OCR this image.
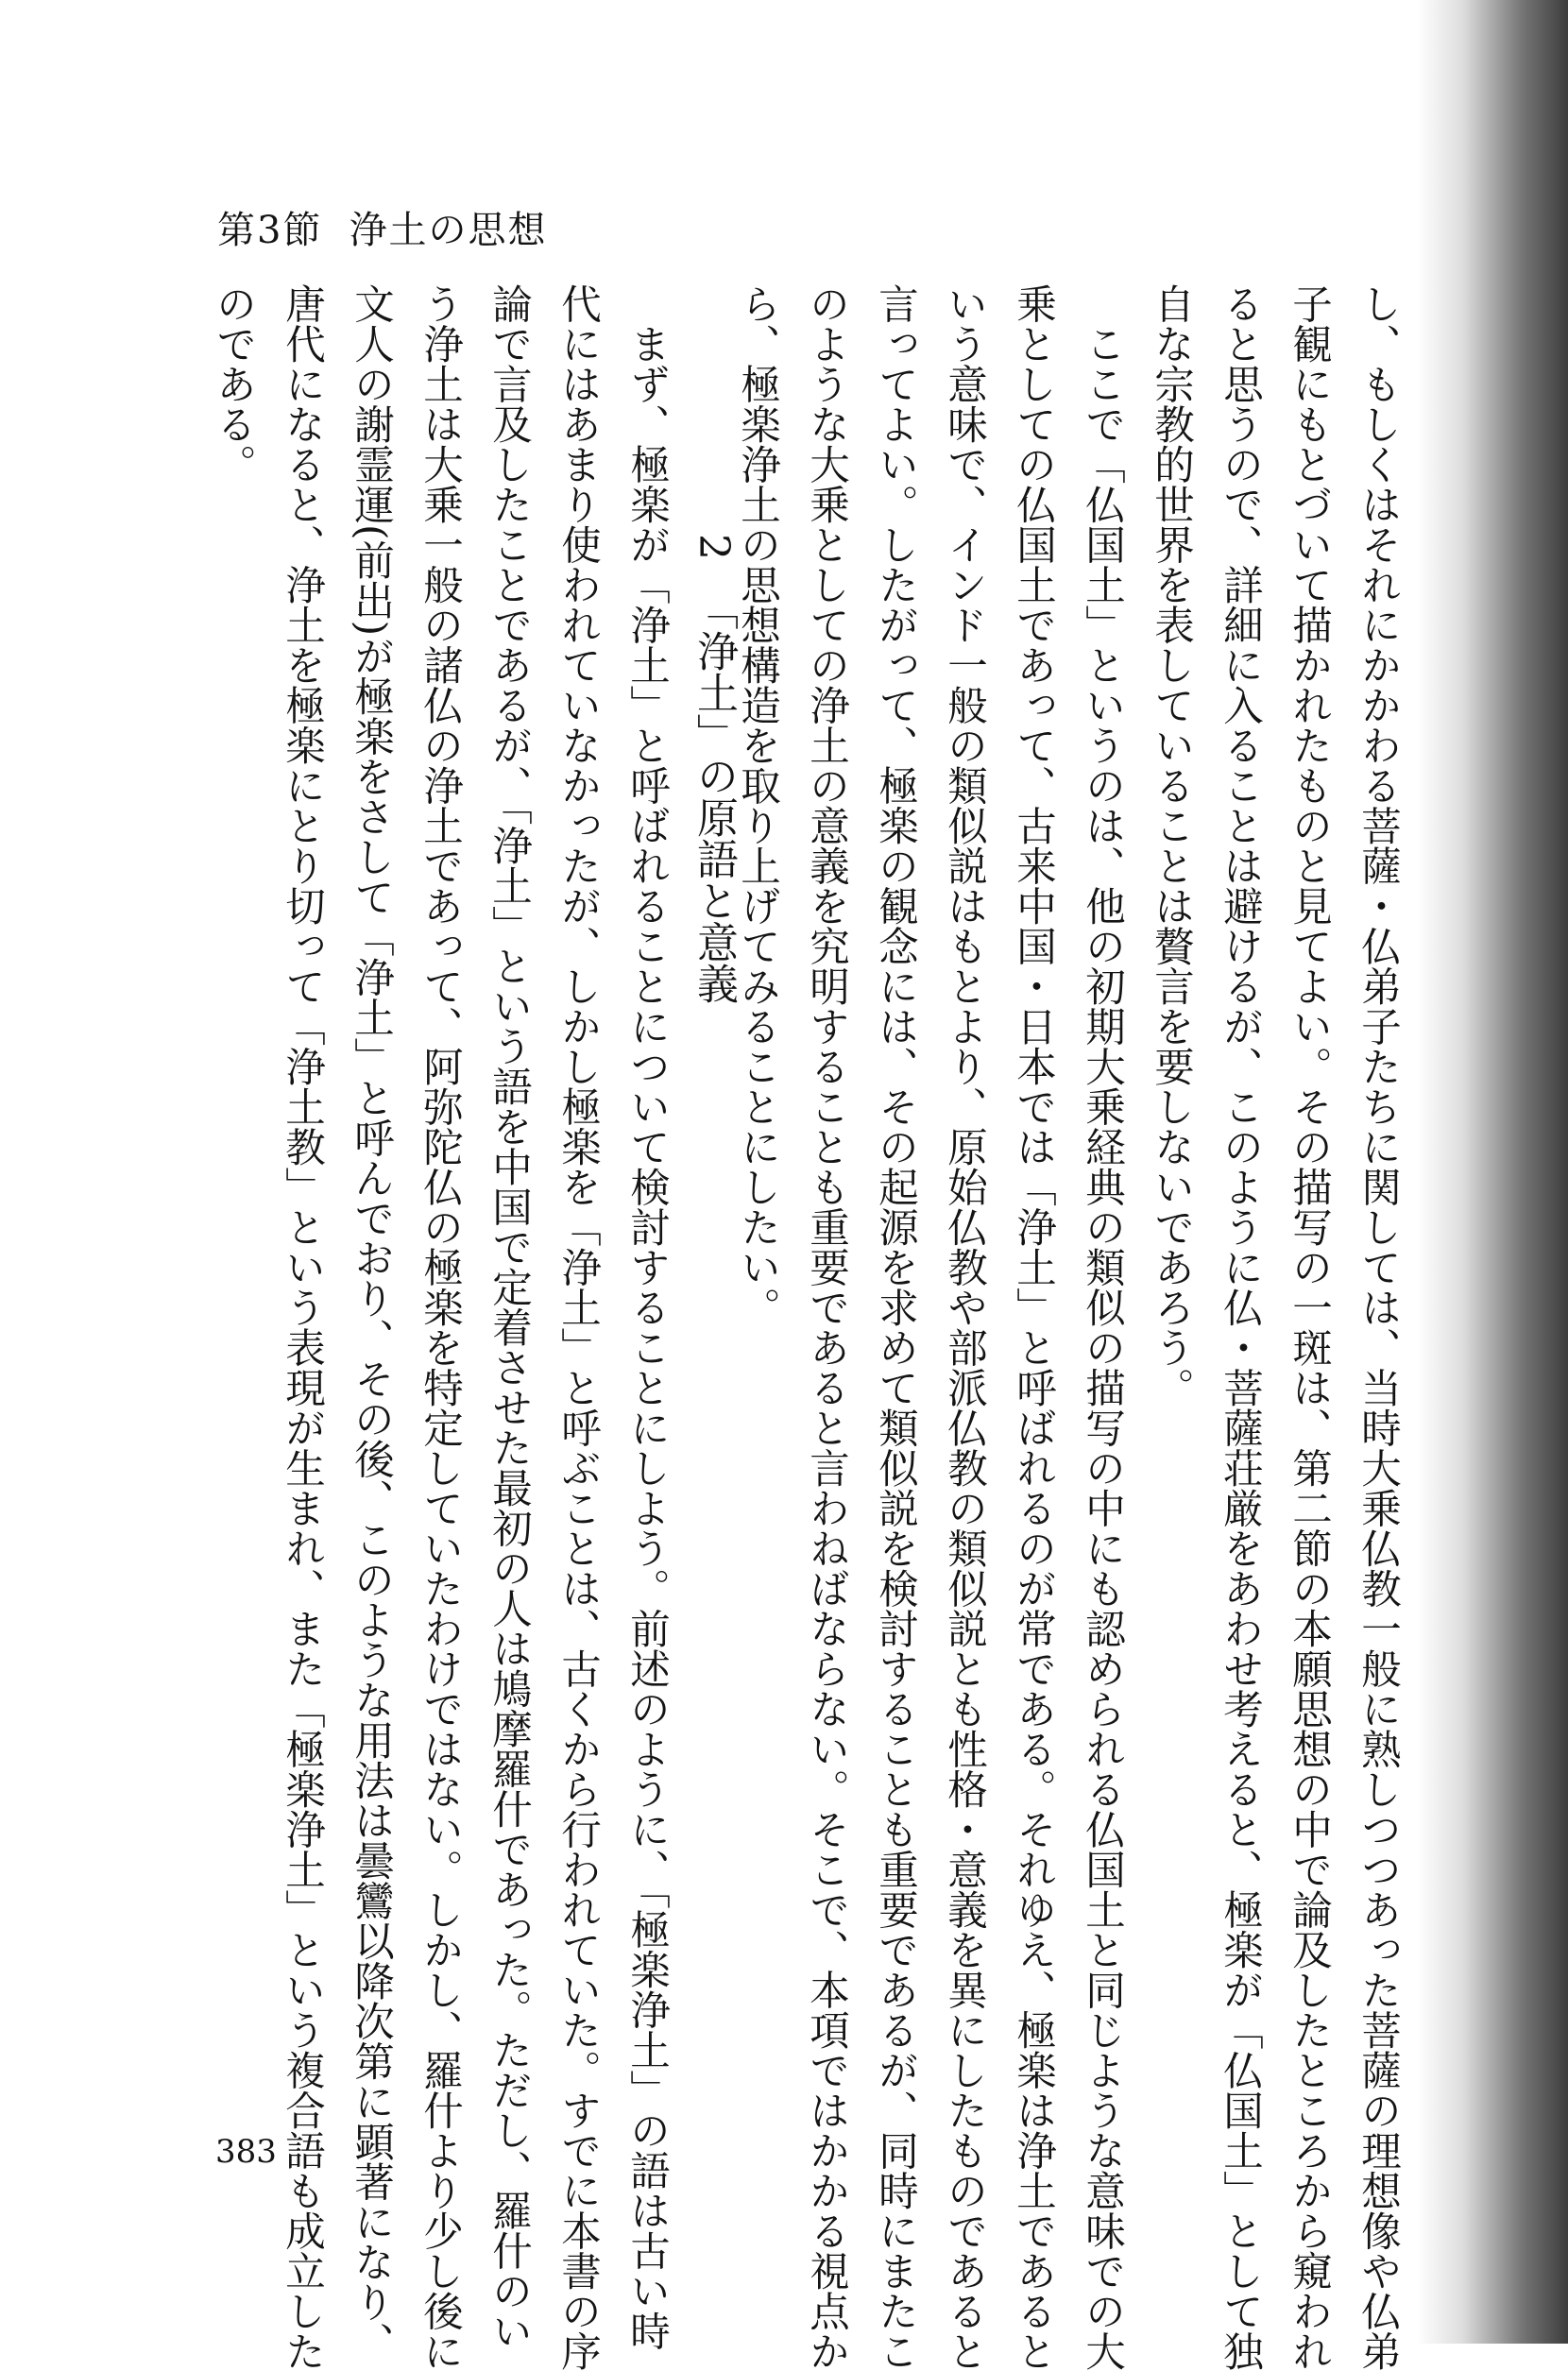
第3節 浄土の思想

し、もしくはそれにかかわる菩薩・仏弟子たちに関しては、当時大乗仏教一般に熟しつつあった菩薩の理想像や仏弟

子観にもとづいて描かれたものと見てよい。その描写の一斑は、第二節の本願思想の中で論及したところから窺われ

ると思うので、詳細に入ることは避けるが、このように仏・菩薩荘厳をあわせ考えると、極楽が「仏国土」として独

自な宗教的世界を表していることは贅言を要しないであろう。

　ここで「仏国土」というのは、他の初期大乗経典の類似の描写の中にも認められる仏国土と同じような意味での大

乗としての仏国土であって、古来中国・日本では「浄土」と呼ばれるのが常である。それゆえ、極楽は浄土であると

いう意味で、インド一般の類似説はもとより、原始仏教や部派仏教の類似説とも性格・意義を異にしたものであると

言ってよい。したがって、極楽の観念には、その起源を求めて類似説を検討することも重要であるが、同時にまたこ

のような大乗としての浄土の意義を究明することも重要であると言わねばならない。そこで、本項ではかかる視点か

ら、極楽浄土の思想構造を取り上げてみることにしたい。

2「浄土」の原語と意義

　まず、極楽が「浄土」と呼ばれることについて検討することにしよう。前述のように、「極楽浄土」の語は古い時

代にはあまり使われていなかったが、しかし極楽を「浄土」と呼ぶことは、古くから行われていた。すでに本書の序

論で言及したことであるが、「浄土」という語を中国で定着させた最初の人は鳩摩羅什であった。ただし、羅什のい

う浄土は大乗一般の諸仏の浄土であって、阿弥陀仏の極楽を特定していたわけではない。しかし、羅什より少し後に

文人の謝霊運(前出)が極楽をさして「浄土」と呼んでおり、その後、このような用法は曇鸞以降次第に顕著になり、

唐代になると、浄土を極楽にとり切って「浄土教」という表現が生まれ、また「極楽浄土」という複合語も成立した

のである。

383
